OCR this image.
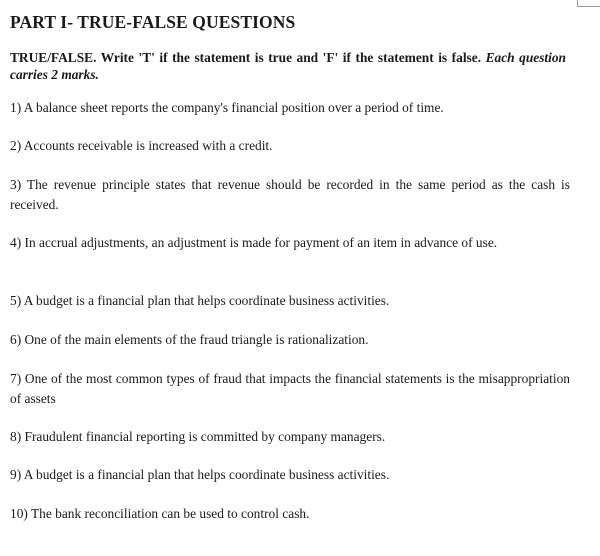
PART I- TRUE-FALSE QUESTIONS
TRUE/FALSE. Write 'T' if the statement is true and 'F' if the statement is false. Each question carries 2 marks.
1) A balance sheet reports the company's financial position over a period of time.
2) Accounts receivable is increased with a credit.
3) The revenue principle states that revenue should be recorded in the same period as the cash is received.
4) In accrual adjustments, an adjustment is made for payment of an item in advance of use.
5) A budget is a financial plan that helps coordinate business activities.
6) One of the main elements of the fraud triangle is rationalization.
7) One of the most common types of fraud that impacts the financial statements is the misappropriation of assets
8) Fraudulent financial reporting is committed by company managers.
9) A budget is a financial plan that helps coordinate business activities.
10) The bank reconciliation can be used to control cash.
